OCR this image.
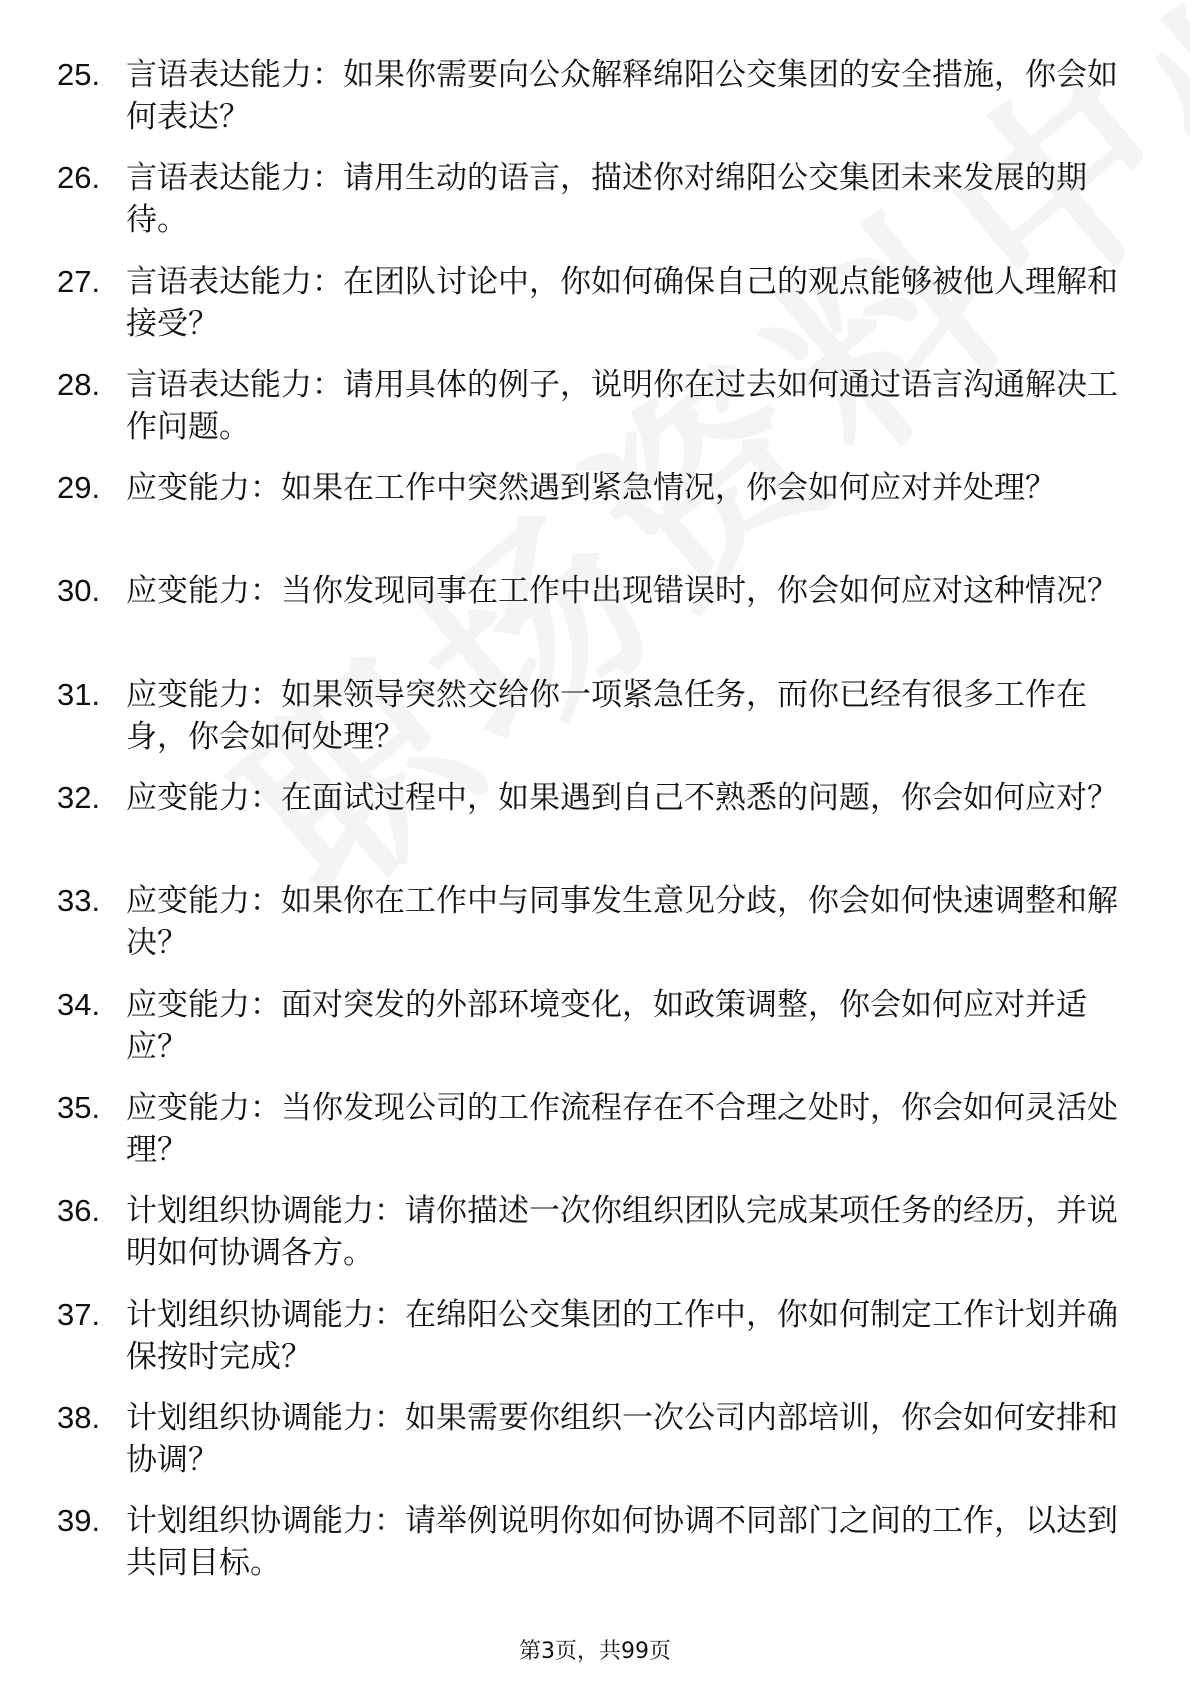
25. 言语表达能力：如果你需要向公众解释绵阳公交集团的安全措施，你会如何表达？
26. 言语表达能力：请用生动的语言，描述你对绵阳公交集团未来发展的期待。
27. 言语表达能力：在团队讨论中，你如何确保自己的观点能够被他人理解和接受？
28. 言语表达能力：请用具体的例子，说明你在过去如何通过语言沟通解决工作问题。
29. 应变能力：如果在工作中突然遇到紧急情况，你会如何应对并处理？
30. 应变能力：当你发现同事在工作中出现错误时，你会如何应对这种情况？
31. 应变能力：如果领导突然交给你一项紧急任务，而你已经有很多工作在身，你会如何处理？
32. 应变能力：在面试过程中，如果遇到自己不熟悉的问题，你会如何应对？
33. 应变能力：如果你在工作中与同事发生意见分歧，你会如何快速调整和解决？
34. 应变能力：面对突发的外部环境变化，如政策调整，你会如何应对并适应？
35. 应变能力：当你发现公司的工作流程存在不合理之处时，你会如何灵活处理？
36. 计划组织协调能力：请你描述一次你组织团队完成某项任务的经历，并说明如何协调各方。
37. 计划组织协调能力：在绵阳公交集团的工作中，你如何制定工作计划并确保按时完成？
38. 计划组织协调能力：如果需要你组织一次公司内部培训，你会如何安排和协调？
39. 计划组织协调能力：请举例说明你如何协调不同部门之间的工作，以达到共同目标。
第3页，共99页
